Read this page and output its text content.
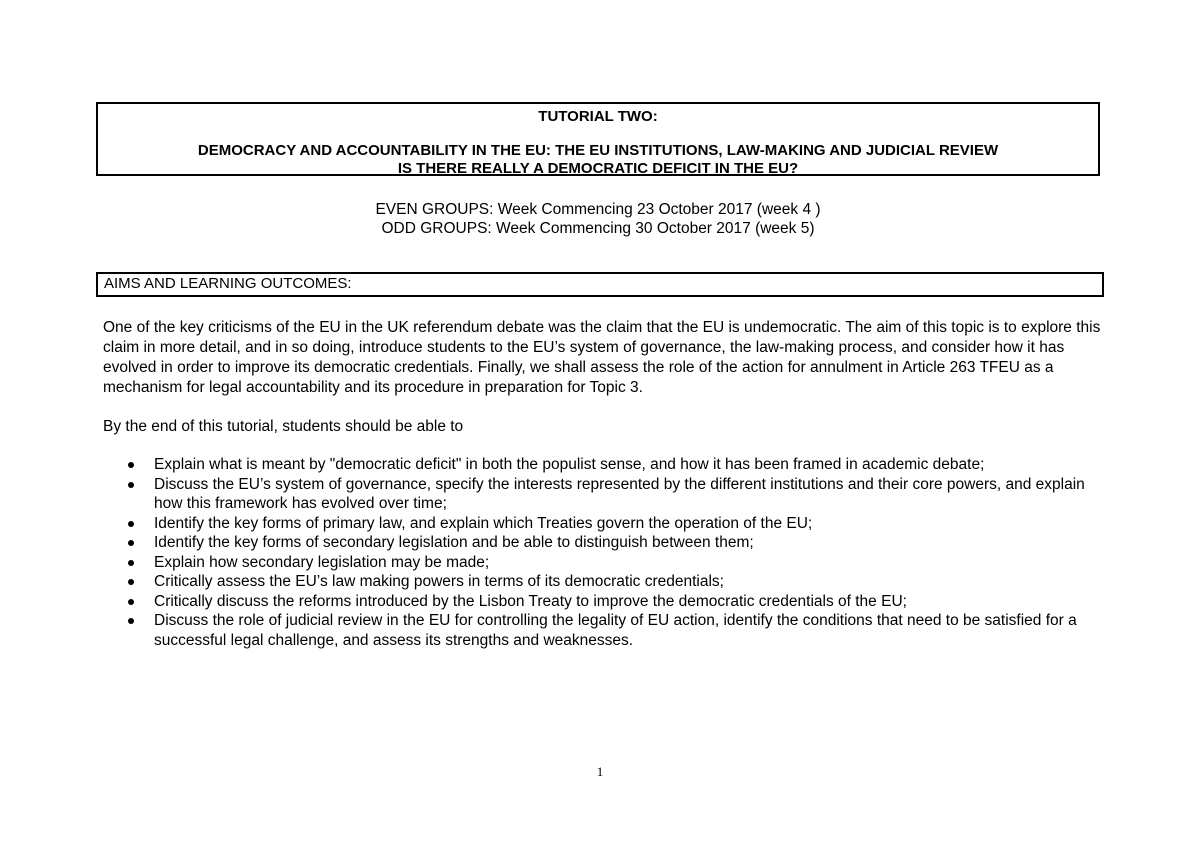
TUTORIAL TWO:
DEMOCRACY AND ACCOUNTABILITY IN THE EU: THE EU INSTITUTIONS, LAW-MAKING AND JUDICIAL REVIEW
IS THERE REALLY A DEMOCRATIC DEFICIT IN THE EU?
EVEN GROUPS: Week Commencing 23 October 2017 (week 4 )
ODD GROUPS: Week Commencing 30 October 2017 (week 5)
AIMS AND LEARNING OUTCOMES:

One of the key criticisms of the EU in the UK referendum debate was the claim that the EU is undemocratic. The aim of this topic is to explore this claim in more detail, and in so doing, introduce students to the EU’s system of governance, the law-making process, and consider how it has evolved in order to improve its democratic credentials. Finally, we shall assess the role of the action for annulment in Article 263 TFEU as a mechanism for legal accountability and its procedure in preparation for Topic 3.

By the end of this tutorial, students should be able to
Explain what is meant by "democratic deficit" in both the populist sense, and how it has been framed in academic debate;
Discuss the EU’s system of governance, specify the interests represented by the different institutions and their core powers, and explain how this framework has evolved over time;
Identify the key forms of primary law, and explain which Treaties govern the operation of the EU;
Identify the key forms of secondary legislation and be able to distinguish between them;
Explain how secondary legislation may be made;
Critically assess the EU’s law making powers in terms of its democratic credentials;
Critically discuss the reforms introduced by the Lisbon Treaty to improve the democratic credentials of the EU;
Discuss the role of judicial review in the EU for controlling the legality of EU action, identify the conditions that need to be satisfied for a successful legal challenge, and assess its strengths and weaknesses.
1
